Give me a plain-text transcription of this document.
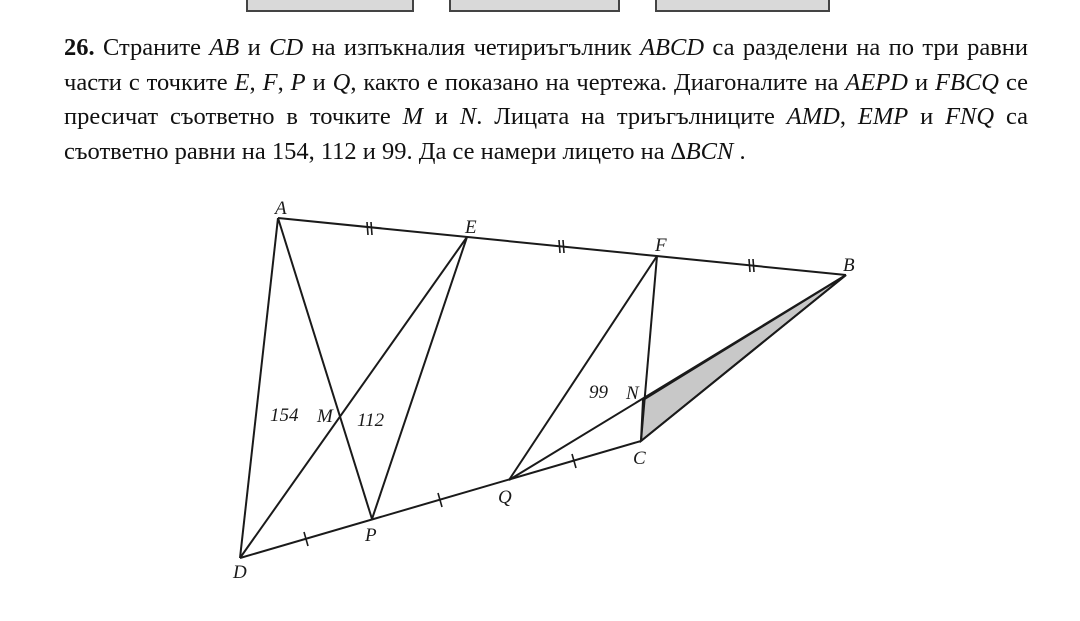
26. Страните AB и CD на изпъкналия четириъгълник ABCD са разделени на по три равни части с точките E, F, P и Q, както е показано на чертежа. Диагоналите на AEPD и FBCQ се пресичат съответно в точките M и N. Лицата на триъгълниците AMD, EMP и FNQ са съответно равни на 154, 112 и 99. Да се намери лицето на ∆BCN .
A
E
F
B
M
N
C
Q
P
D
154	112
99
